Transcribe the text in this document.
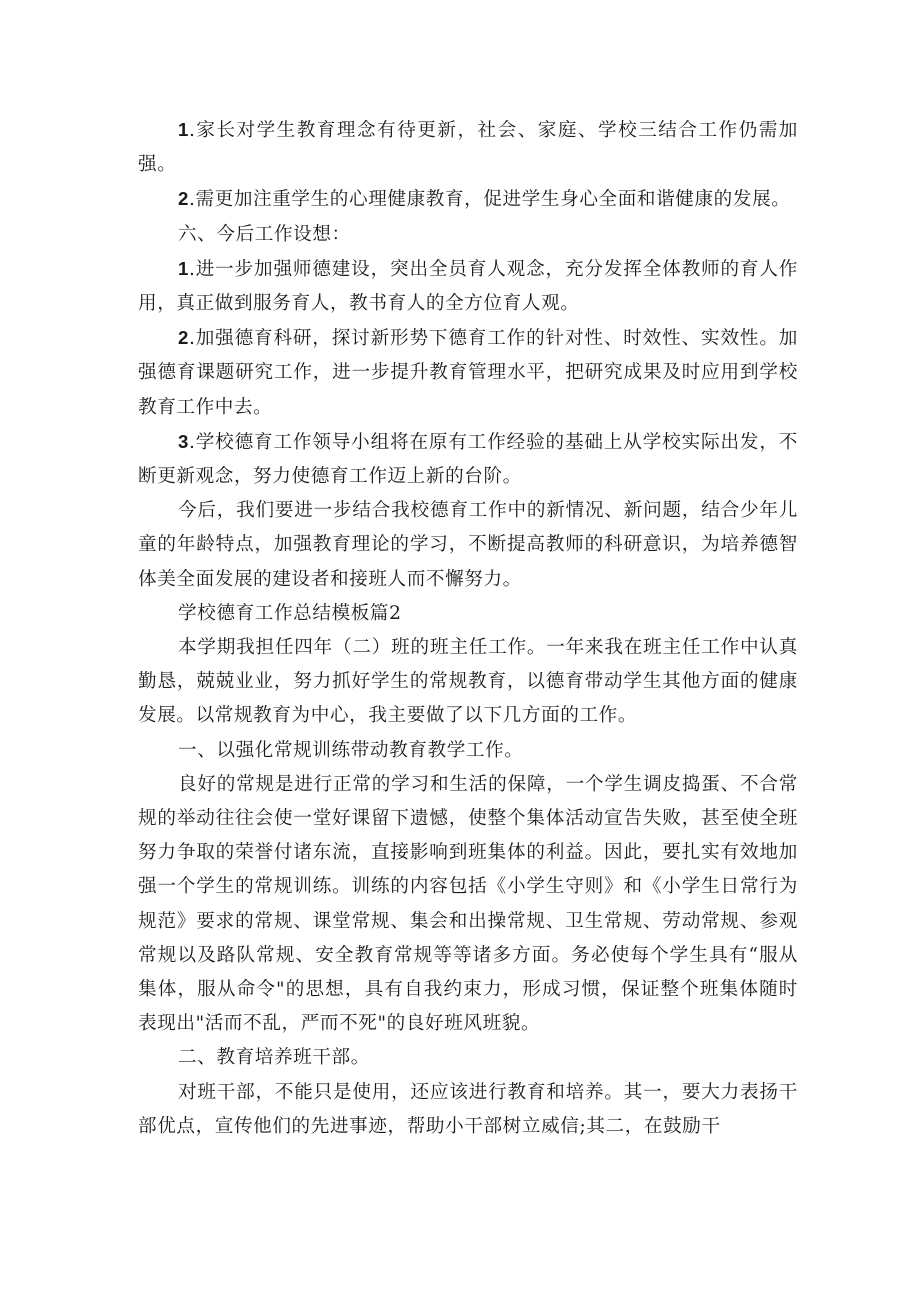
1.家长对学生教育理念有待更新，社会、家庭、学校三结合工作仍需加强。

2.需更加注重学生的心理健康教育，促进学生身心全面和谐健康的发展。

六、今后工作设想：

1.进一步加强师德建设，突出全员育人观念，充分发挥全体教师的育人作用，真正做到服务育人，教书育人的全方位育人观。

2.加强德育科研，探讨新形势下德育工作的针对性、时效性、实效性。加强德育课题研究工作，进一步提升教育管理水平，把研究成果及时应用到学校教育工作中去。

3.学校德育工作领导小组将在原有工作经验的基础上从学校实际出发，不断更新观念，努力使德育工作迈上新的台阶。

今后，我们要进一步结合我校德育工作中的新情况、新问题，结合少年儿童的年龄特点，加强教育理论的学习，不断提高教师的科研意识，为培养德智体美全面发展的建设者和接班人而不懈努力。

学校德育工作总结模板篇2

本学期我担任四年（二）班的班主任工作。一年来我在班主任工作中认真勤恳，兢兢业业，努力抓好学生的常规教育，以德育带动学生其他方面的健康发展。以常规教育为中心，我主要做了以下几方面的工作。

一、以强化常规训练带动教育教学工作。

良好的常规是进行正常的学习和生活的保障，一个学生调皮捣蛋、不合常规的举动往往会使一堂好课留下遗憾，使整个集体活动宣告失败，甚至使全班努力争取的荣誉付诸东流，直接影响到班集体的利益。因此，要扎实有效地加强一个学生的常规训练。训练的内容包括《小学生守则》和《小学生日常行为规范》要求的常规、课堂常规、集会和出操常规、卫生常规、劳动常规、参观常规以及路队常规、安全教育常规等等诸多方面。务必使每个学生具有“服从集体，服从命令"的思想，具有自我约束力，形成习惯，保证整个班集体随时表现出"活而不乱，严而不死"的良好班风班貌。

二、教育培养班干部。

对班干部，不能只是使用，还应该进行教育和培养。其一，要大力表扬干部优点，宣传他们的先进事迹，帮助小干部树立威信;其二，在鼓励干
